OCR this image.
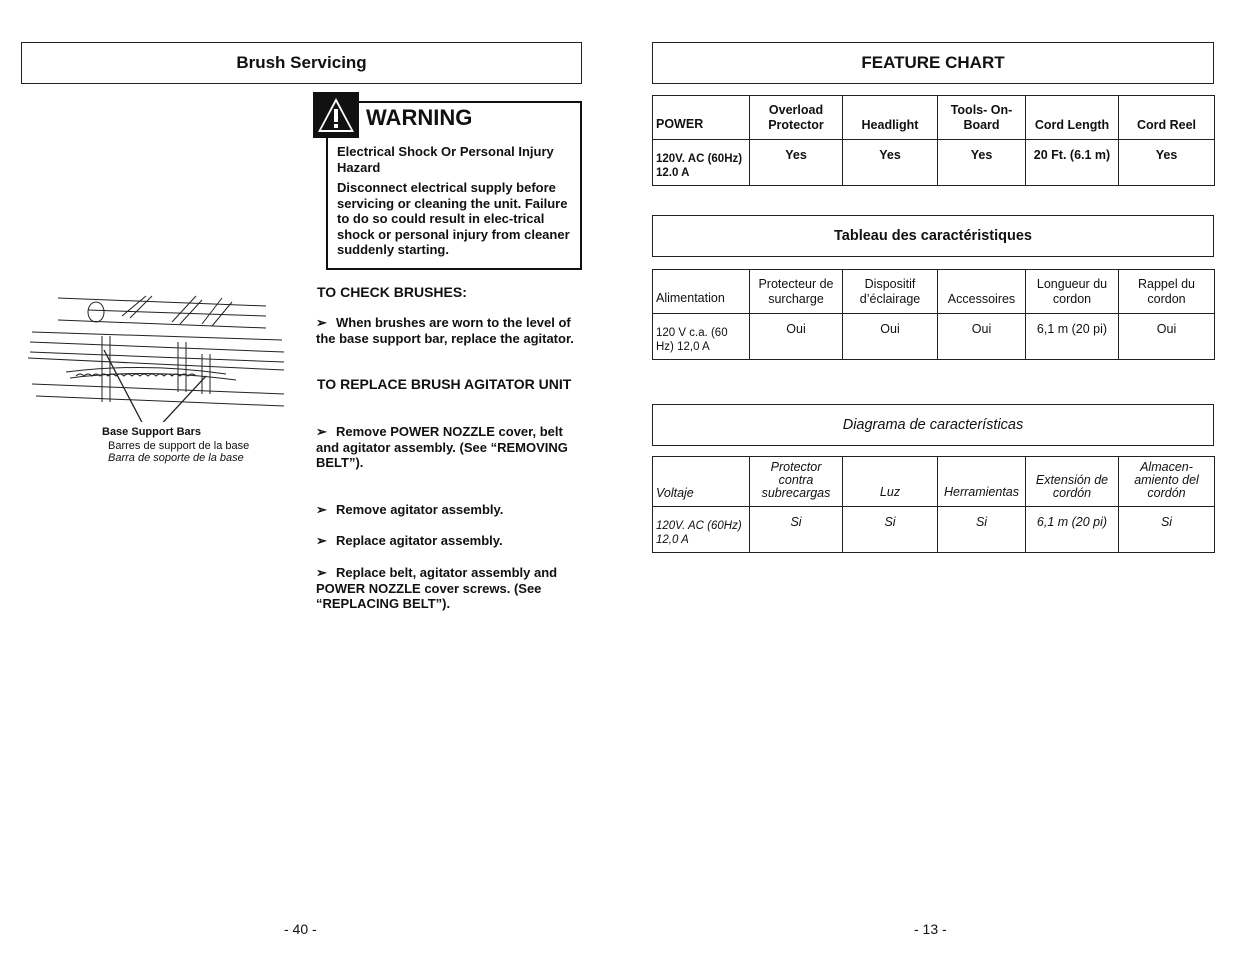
Brush Servicing
WARNING
Electrical Shock Or Personal Injury Hazard
Disconnect electrical supply before servicing or cleaning the unit. Failure to do so could result in elec-trical shock or personal injury from cleaner suddenly starting.
TO CHECK BRUSHES:
➢ When brushes are worn to the level of the base support bar, replace the agitator.
TO REPLACE BRUSH AGITATOR UNIT
➢ Remove POWER NOZZLE cover, belt and agitator assembly. (See “REMOVING BELT”).
➢ Remove agitator assembly.
➢ Replace agitator assembly.
➢ Replace belt, agitator assembly and POWER NOZZLE cover screws. (See “REPLACING BELT”).
Base Support Bars
Barres de support de la base
Barra de soporte de la base
- 40 -
FEATURE CHART
POWER	Overload Protector	Headlight	Tools- On-Board	Cord Length	Cord Reel
120V. AC (60Hz) 12.0 A	Yes	Yes	Yes	20 Ft. (6.1 m)	Yes
Tableau des caractéristiques
Alimentation	Protecteur de surcharge	Dispositif d’éclairage	Accessoires	Longueur du cordon	Rappel du cordon
120 V c.a. (60 Hz) 12,0 A	Oui	Oui	Oui	6,1 m (20 pi)	Oui
Diagrama de características
Voltaje	Protector contra subrecargas	Luz	Herramientas	Extensión de cordón	Almacen- amiento del cordón
120V. AC (60Hz) 12,0 A	Si	Si	Si	6,1 m (20 pi)	Si
- 13 -
